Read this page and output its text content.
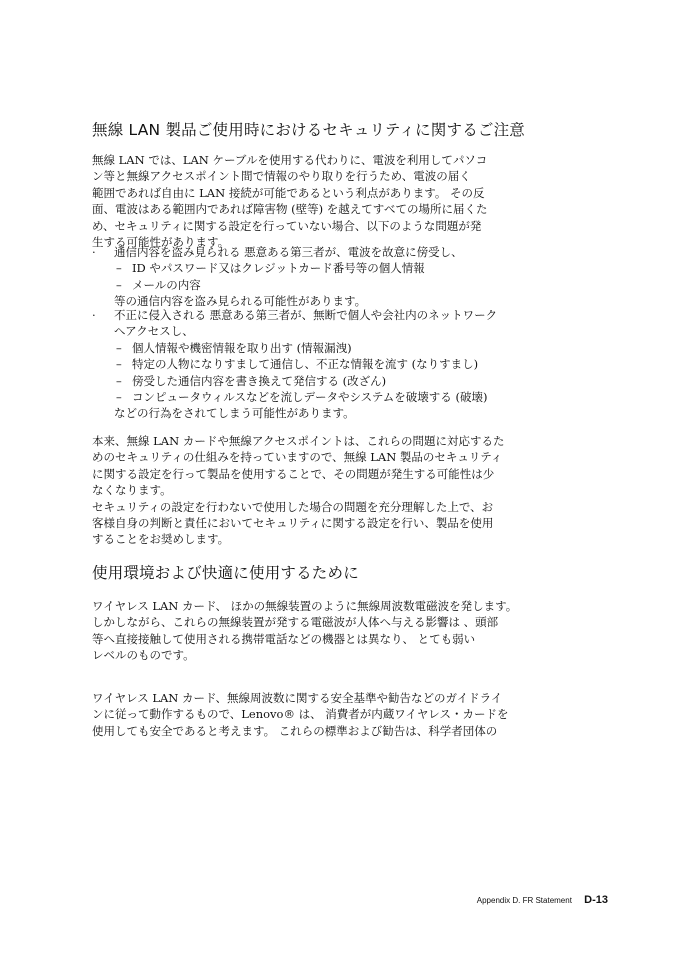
無線 LAN 製品ご使用時におけるセキュリティに関するご注意
無線 LAN では、LAN ケーブルを使用する代わりに、電波を利用してパソコ
ン等と無線アクセスポイント間で情報のやり取りを行うため、電波の届く
範囲であれば自由に LAN 接続が可能であるという利点があります。 その反
面、電波はある範囲内であれば障害物 (壁等) を越えてすべての場所に届くた
め、セキュリティに関する設定を行っていない場合、以下のような問題が発
生する可能性があります。
· 通信内容を盗み見られる 悪意ある第三者が、電波を故意に傍受し、
– ID やパスワード又はクレジットカード番号等の個人情報
– メールの内容
等の通信内容を盗み見られる可能性があります。
· 不正に侵入される 悪意ある第三者が、無断で個人や会社内のネットワーク
へアクセスし、
– 個人情報や機密情報を取り出す (情報漏洩)
– 特定の人物になりすまして通信し、不正な情報を流す (なりすまし)
– 傍受した通信内容を書き換えて発信する (改ざん)
– コンピュータウィルスなどを流しデータやシステムを破壊する (破壊)
などの行為をされてしまう可能性があります。
本来、無線 LAN カードや無線アクセスポイントは、これらの問題に対応するた
めのセキュリティの仕組みを持っていますので、無線 LAN 製品のセキュリティ
に関する設定を行って製品を使用することで、その問題が発生する可能性は少
なくなります。
セキュリティの設定を行わないで使用した場合の問題を充分理解した上で、お
客様自身の判断と責任においてセキュリティに関する設定を行い、製品を使用
することをお奨めします。
使用環境および快適に使用するために
ワイヤレス LAN カード、 ほかの無線装置のように無線周波数電磁波を発します。
しかしながら、これらの無線装置が発する電磁波が人体へ与える影響は 、頭部
等へ直接接触して使用される携帯電話などの機器とは異なり、 とても弱い
レベルのものです。
ワイヤレス LAN カード、無線周波数に関する安全基準や勧告などのガイドライ
ンに従って動作するもので、Lenovo® は、 消費者が内蔵ワイヤレス・カードを
使用しても安全であると考えます。 これらの標準および勧告は、科学者団体の
Appendix D. FR Statement D-13
